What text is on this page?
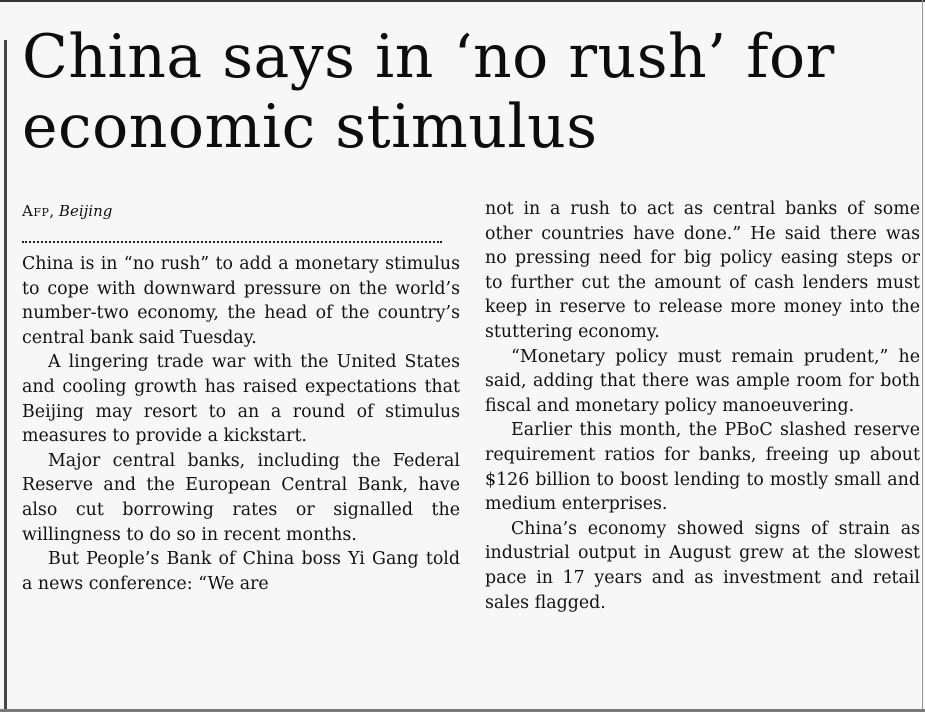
China says in ‘no rush’ for economic stimulus
Afp, Beijing

China is in “no rush” to add a monetary stimulus to cope with downward pressure on the world’s number-two economy, the head of the country’s central bank said Tuesday.

A lingering trade war with the United States and cooling growth has raised expectations that Beijing may resort to an a round of stimulus measures to provide a kickstart.

Major central banks, including the Federal Reserve and the European Central Bank, have also cut borrowing rates or signalled the willingness to do so in recent months.

But People’s Bank of China boss Yi Gang told a news conference: “We are

not in a rush to act as central banks of some other countries have done.” He said there was no pressing need for big policy easing steps or to further cut the amount of cash lenders must keep in reserve to release more money into the stuttering economy.

“Monetary policy must remain prudent,” he said, adding that there was ample room for both fiscal and monetary policy manoeuvering.

Earlier this month, the PBoC slashed reserve requirement ratios for banks, freeing up about $126 billion to boost lending to mostly small and medium enterprises.

China’s economy showed signs of strain as industrial output in August grew at the slowest pace in 17 years and as investment and retail sales flagged.
